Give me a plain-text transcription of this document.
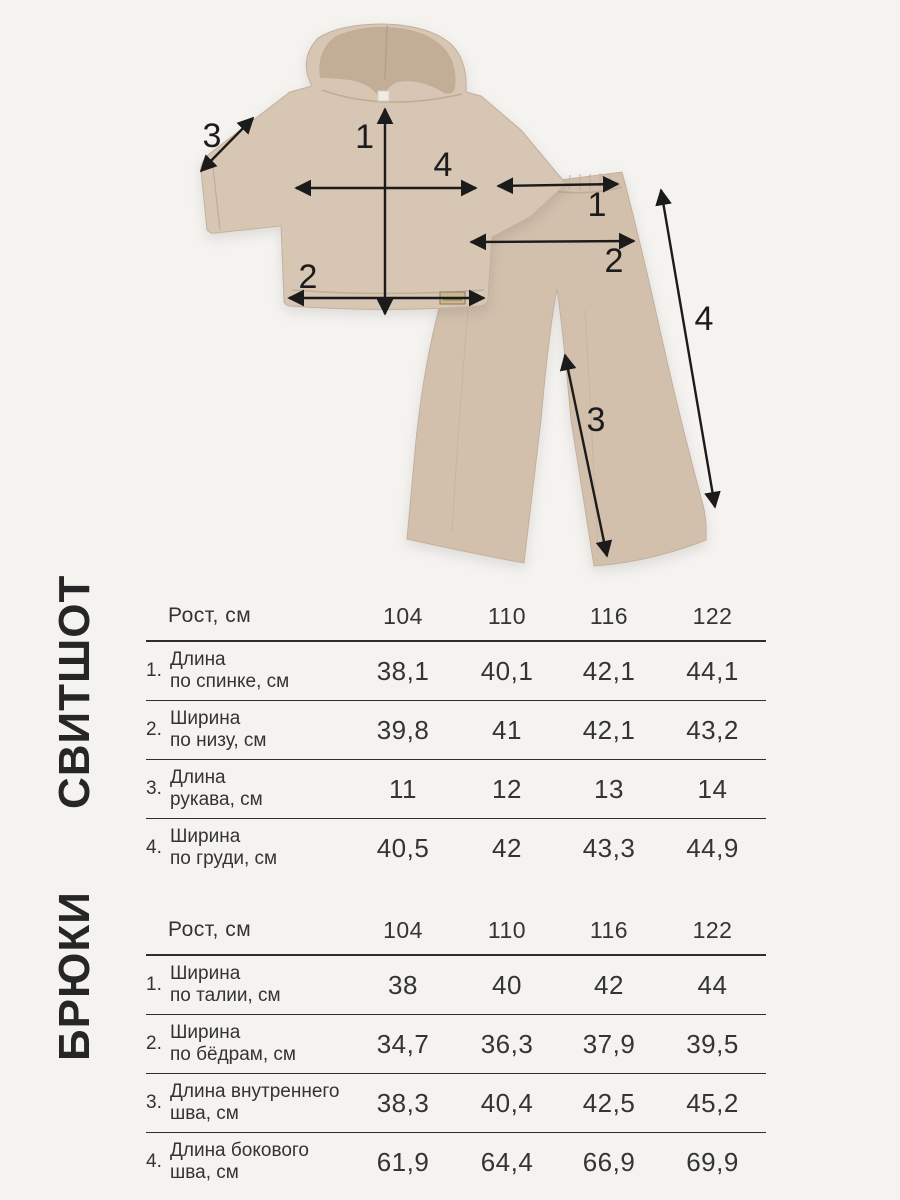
1
4
2
3
1
2
3
4
СВИТШОТ
БРЮКИ
Рост, см	104	110	116	122
1.
Длина
по спинке, см	38,1	40,1	42,1	44,1
2.
Ширина
по низу, см	39,8	41	42,1	43,2
3.
Длина
рукава, см	11	12	13	14
4.
Ширина
по груди, см	40,5	42	43,3	44,9
Рост, см	104	110	116	122
1.
Ширина
по талии, см	38	40	42	44
2.
Ширина
по бёдрам, см	34,7	36,3	37,9	39,5
3.
Длина внутреннего
шва, см	38,3	40,4	42,5	45,2
4.
Длина бокового
шва, см	61,9	64,4	66,9	69,9
